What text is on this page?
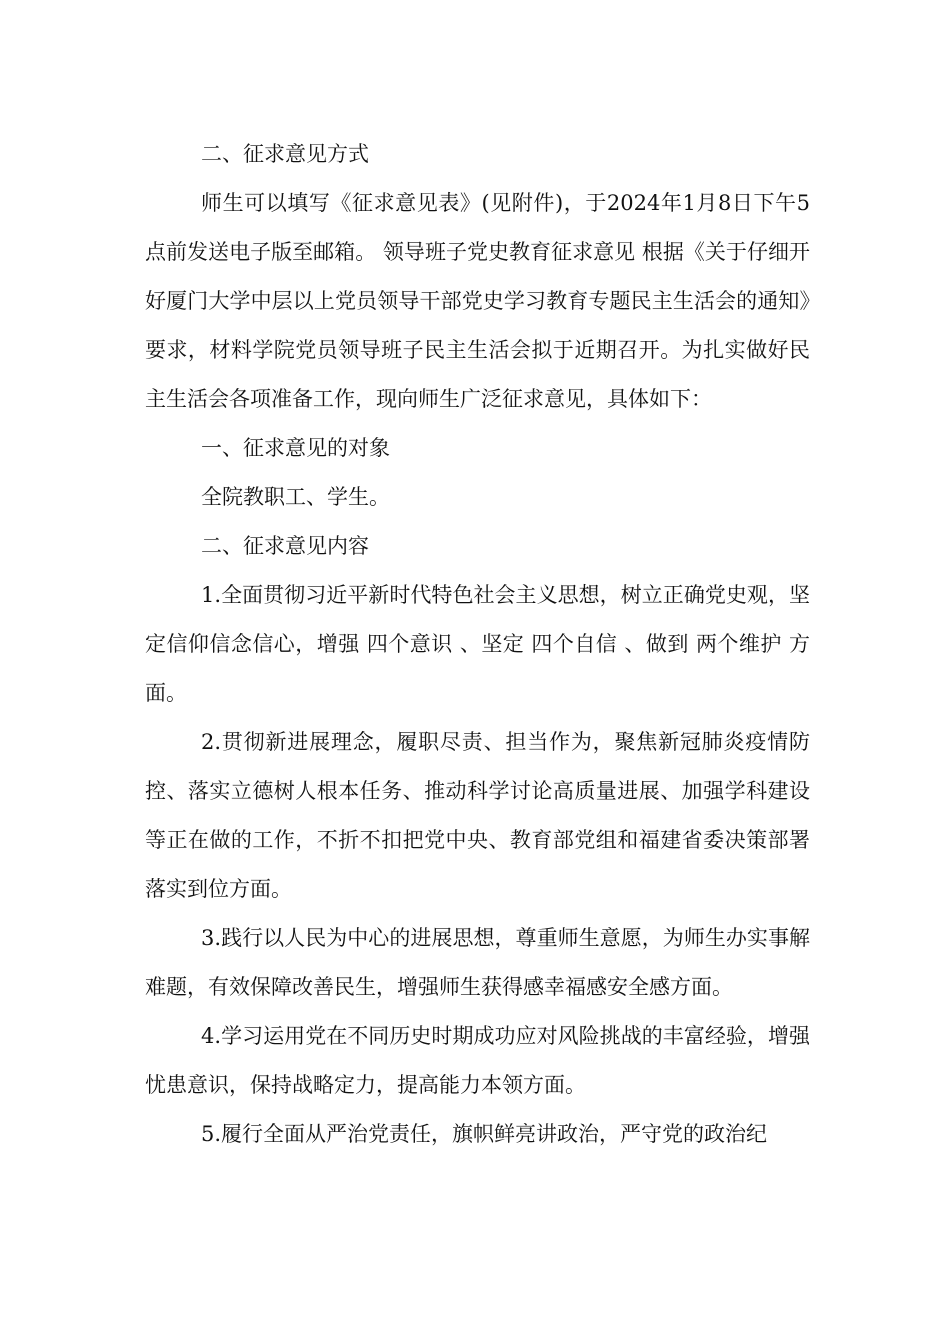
二、征求意见方式

师生可以填写《征求意见表》(见附件)，于2024年1月8日下午5点前发送电子版至邮箱。 领导班子党史教育征求意见 根据《关于仔细开好厦门大学中层以上党员领导干部党史学习教育专题民主生活会的通知》要求，材料学院党员领导班子民主生活会拟于近期召开。为扎实做好民主生活会各项准备工作，现向师生广泛征求意见，具体如下：

一、征求意见的对象

全院教职工、学生。

二、征求意见内容

1.全面贯彻习近平新时代特色社会主义思想，树立正确党史观，坚定信仰信念信心，增强 四个意识 、坚定 四个自信 、做到 两个维护 方面。

2.贯彻新进展理念，履职尽责、担当作为，聚焦新冠肺炎疫情防控、落实立德树人根本任务、推动科学讨论高质量进展、加强学科建设等正在做的工作，不折不扣把党中央、教育部党组和福建省委决策部署落实到位方面。

3.践行以人民为中心的进展思想，尊重师生意愿，为师生办实事解难题，有效保障改善民生，增强师生获得感幸福感安全感方面。

4.学习运用党在不同历史时期成功应对风险挑战的丰富经验，增强忧患意识，保持战略定力，提高能力本领方面。

5.履行全面从严治党责任，旗帜鲜亮讲政治，严守党的政治纪
